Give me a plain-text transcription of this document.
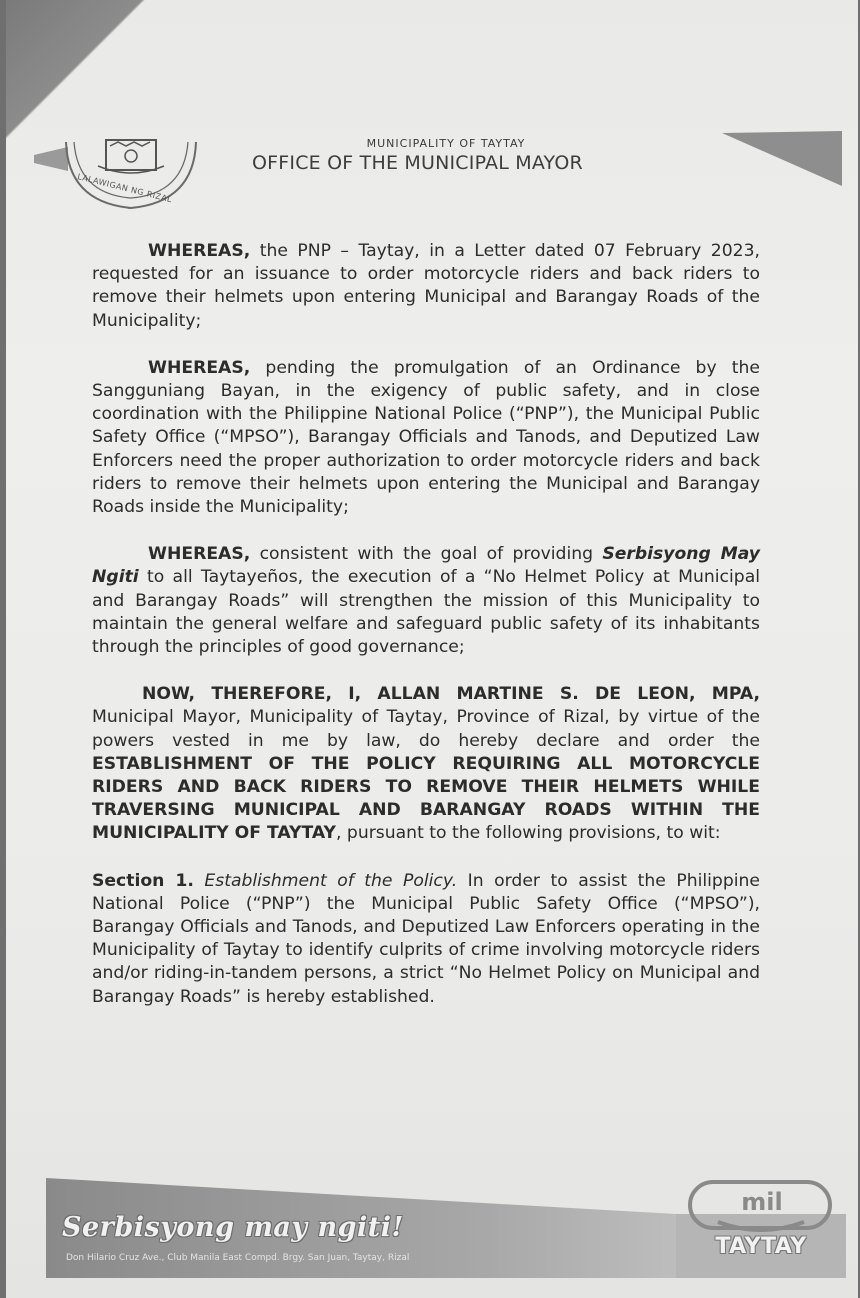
LALAWIGAN NG RIZAL
MUNICIPALITY OF TAYTAY
OFFICE OF THE MUNICIPAL MAYOR

WHEREAS, the PNP – Taytay, in a Letter dated 07 February 2023, requested for an issuance to order motorcycle riders and back riders to remove their helmets upon entering Municipal and Barangay Roads of the Municipality;

WHEREAS, pending the promulgation of an Ordinance by the Sangguniang Bayan, in the exigency of public safety, and in close coordination with the Philippine National Police (“PNP”), the Municipal Public Safety Office (“MPSO”), Barangay Officials and Tanods, and Deputized Law Enforcers need the proper authorization to order motorcycle riders and back riders to remove their helmets upon entering the Municipal and Barangay Roads inside the Municipality;

WHEREAS, consistent with the goal of providing Serbisyong May Ngiti to all Taytayeños, the execution of a “No Helmet Policy at Municipal and Barangay Roads” will strengthen the mission of this Municipality to maintain the general welfare and safeguard public safety of its inhabitants through the principles of good governance;

NOW, THEREFORE, I, ALLAN MARTINE S. DE LEON, MPA, Municipal Mayor, Municipality of Taytay, Province of Rizal, by virtue of the powers vested in me by law, do hereby declare and order the ESTABLISHMENT OF THE POLICY REQUIRING ALL MOTORCYCLE RIDERS AND BACK RIDERS TO REMOVE THEIR HELMETS WHILE TRAVERSING MUNICIPAL AND BARANGAY ROADS WITHIN THE MUNICIPALITY OF TAYTAY, pursuant to the following provisions, to wit:

Section 1. Establishment of the Policy. In order to assist the Philippine National Police (“PNP”) the Municipal Public Safety Office (“MPSO”), Barangay Officials and Tanods, and Deputized Law Enforcers operating in the Municipality of Taytay to identify culprits of crime involving motorcycle riders and/or riding-in-tandem persons, a strict “No Helmet Policy on Municipal and Barangay Roads” is hereby established.

Serbisyong may ngiti!
Don Hilario Cruz Ave., Club Manila East Compd. Brgy. San Juan, Taytay, Rizal
mil
TAYTAY
